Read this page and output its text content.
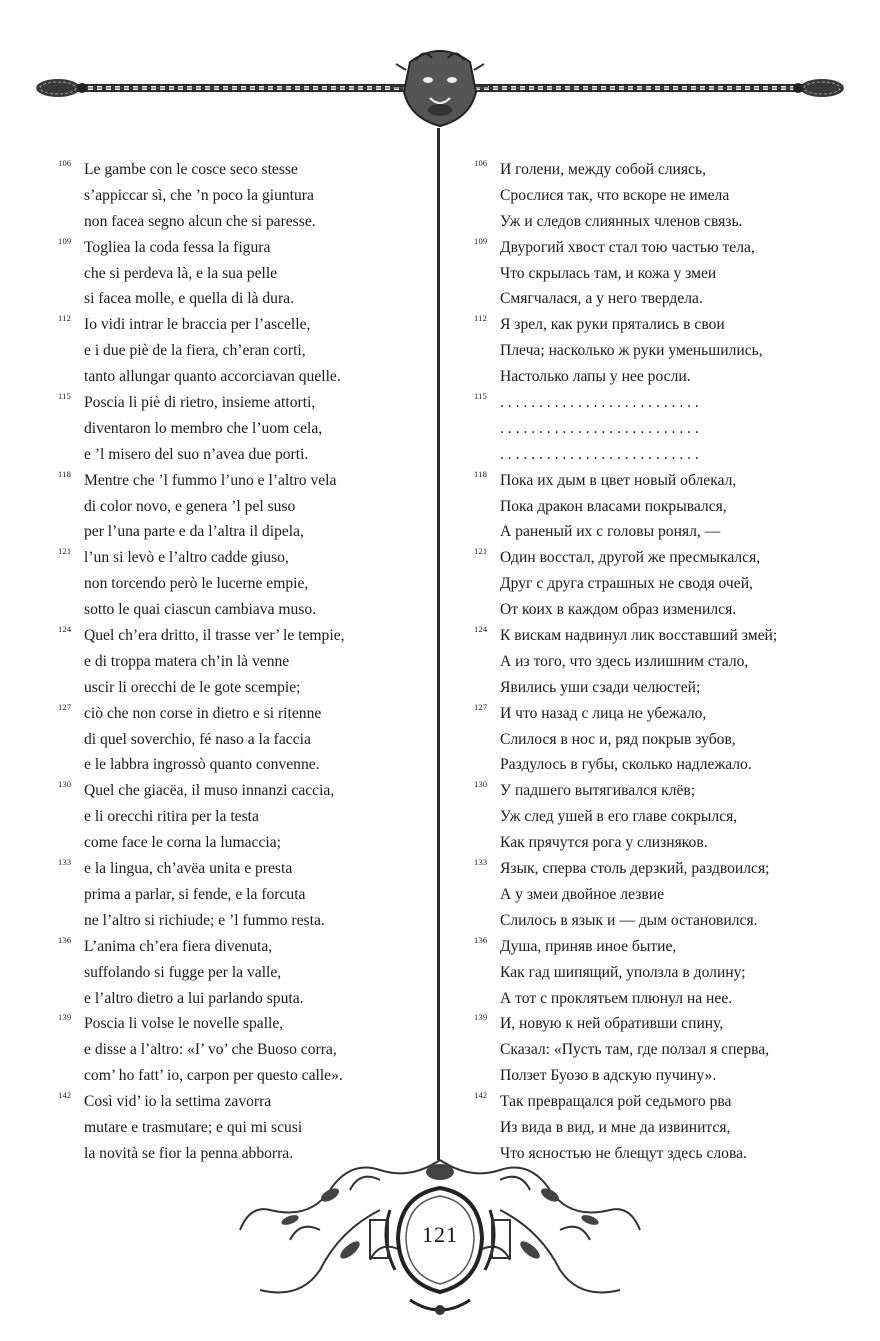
106 Le gambe con le cosce seco stesse
s’appiccar sì, che ’n poco la giuntura
non facea segno alcun che si paresse.
109 Togliea la coda fessa la figura
che si perdeva là, e la sua pelle
si facea molle, e quella di là dura.
112 Io vidi intrar le braccia per l’ascelle,
e i due piè de la fiera, ch’eran corti,
tanto allungar quanto accorciavan quelle.
115 Poscia li piè di rietro, insieme attorti,
diventaron lo membro che l’uom cela,
e ’l misero del suo n’avea due porti.
118 Mentre che ’l fummo l’uno e l’altro vela
di color novo, e genera ’l pel suso
per l’una parte e da l’altra il dipela,
121 l’un si levò e l’altro cadde giuso,
non torcendo però le lucerne empie,
sotto le quai ciascun cambiava muso.
124 Quel ch’era dritto, il trasse ver’ le tempie,
e di troppa matera ch’in là venne
uscir li orecchi de le gote scempie;
127 ciò che non corse in dietro e si ritenne
di quel soverchio, fé naso a la faccia
e le labbra ingrossò quanto convenne.
130 Quel che giacëa, il muso innanzi caccia,
e li orecchi ritira per la testa
come face le corna la lumaccia;
133 e la lingua, ch’avëa unita e presta
prima a parlar, si fende, e la forcuta
ne l’altro si richiude; e ’l fummo resta.
136 L’anima ch’era fiera divenuta,
suffolando si fugge per la valle,
e l’altro dietro a lui parlando sputa.
139 Poscia li volse le novelle spalle,
e disse a l’altro: «I’ vo’ che Buoso corra,
com’ ho fatt’ io, carpon per questo calle».
142 Così vid’ io la settima zavorra
mutare e trasmutare; e qui mi scusi
la novità se fior la penna abborra.
106 И голени, между собой слиясь,
Срослися так, что вскоре не имела
Уж и следов слиянных членов связь.
109 Двурогий хвост стал тою частью тела,
Что скрылась там, и кожа у змеи
Смягчалася, а у него твердела.
112 Я зрел, как руки прятались в свои
Плеча; насколько ж руки уменьшились,
Настолько лапы у нее росли.
115 . . . . . . . . . . . . . . . . . . . . . . . . . .
. . . . . . . . . . . . . . . . . . . . . . . . . .
. . . . . . . . . . . . . . . . . . . . . . . . . .
118 Пока их дым в цвет новый облекал,
Пока дракон власами покрывался,
А раненый их с головы ронял, —
121 Один восстал, другой же пресмыкался,
Друг с друга страшных не сводя очей,
От коих в каждом образ изменился.
124 К вискам надвинул лик восставший змей;
А из того, что здесь излишним стало,
Явились уши сзади челюстей;
127 И что назад с лица не убежало,
Слилося в нос и, ряд покрыв зубов,
Раздулось в губы, сколько надлежало.
130 У падшего вытягивался клёв;
Уж след ушей в его главе сокрылся,
Как прячутся рога у слизняков.
133 Язык, сперва столь дерзкий, раздвоился;
А у змеи двойное лезвие
Слилось в язык и — дым остановился.
136 Душа, приняв иное бытие,
Как гад шипящий, уползла в долину;
А тот с проклятьем плюнул на нее.
139 И, новую к ней обративши спину,
Сказал: «Пусть там, где ползал я сперва,
Ползет Буозо в адскую пучину».
142 Так превращался рой седьмого рва
Из вида в вид, и мне да извинится,
Что ясностью не блещут здесь слова.
121
